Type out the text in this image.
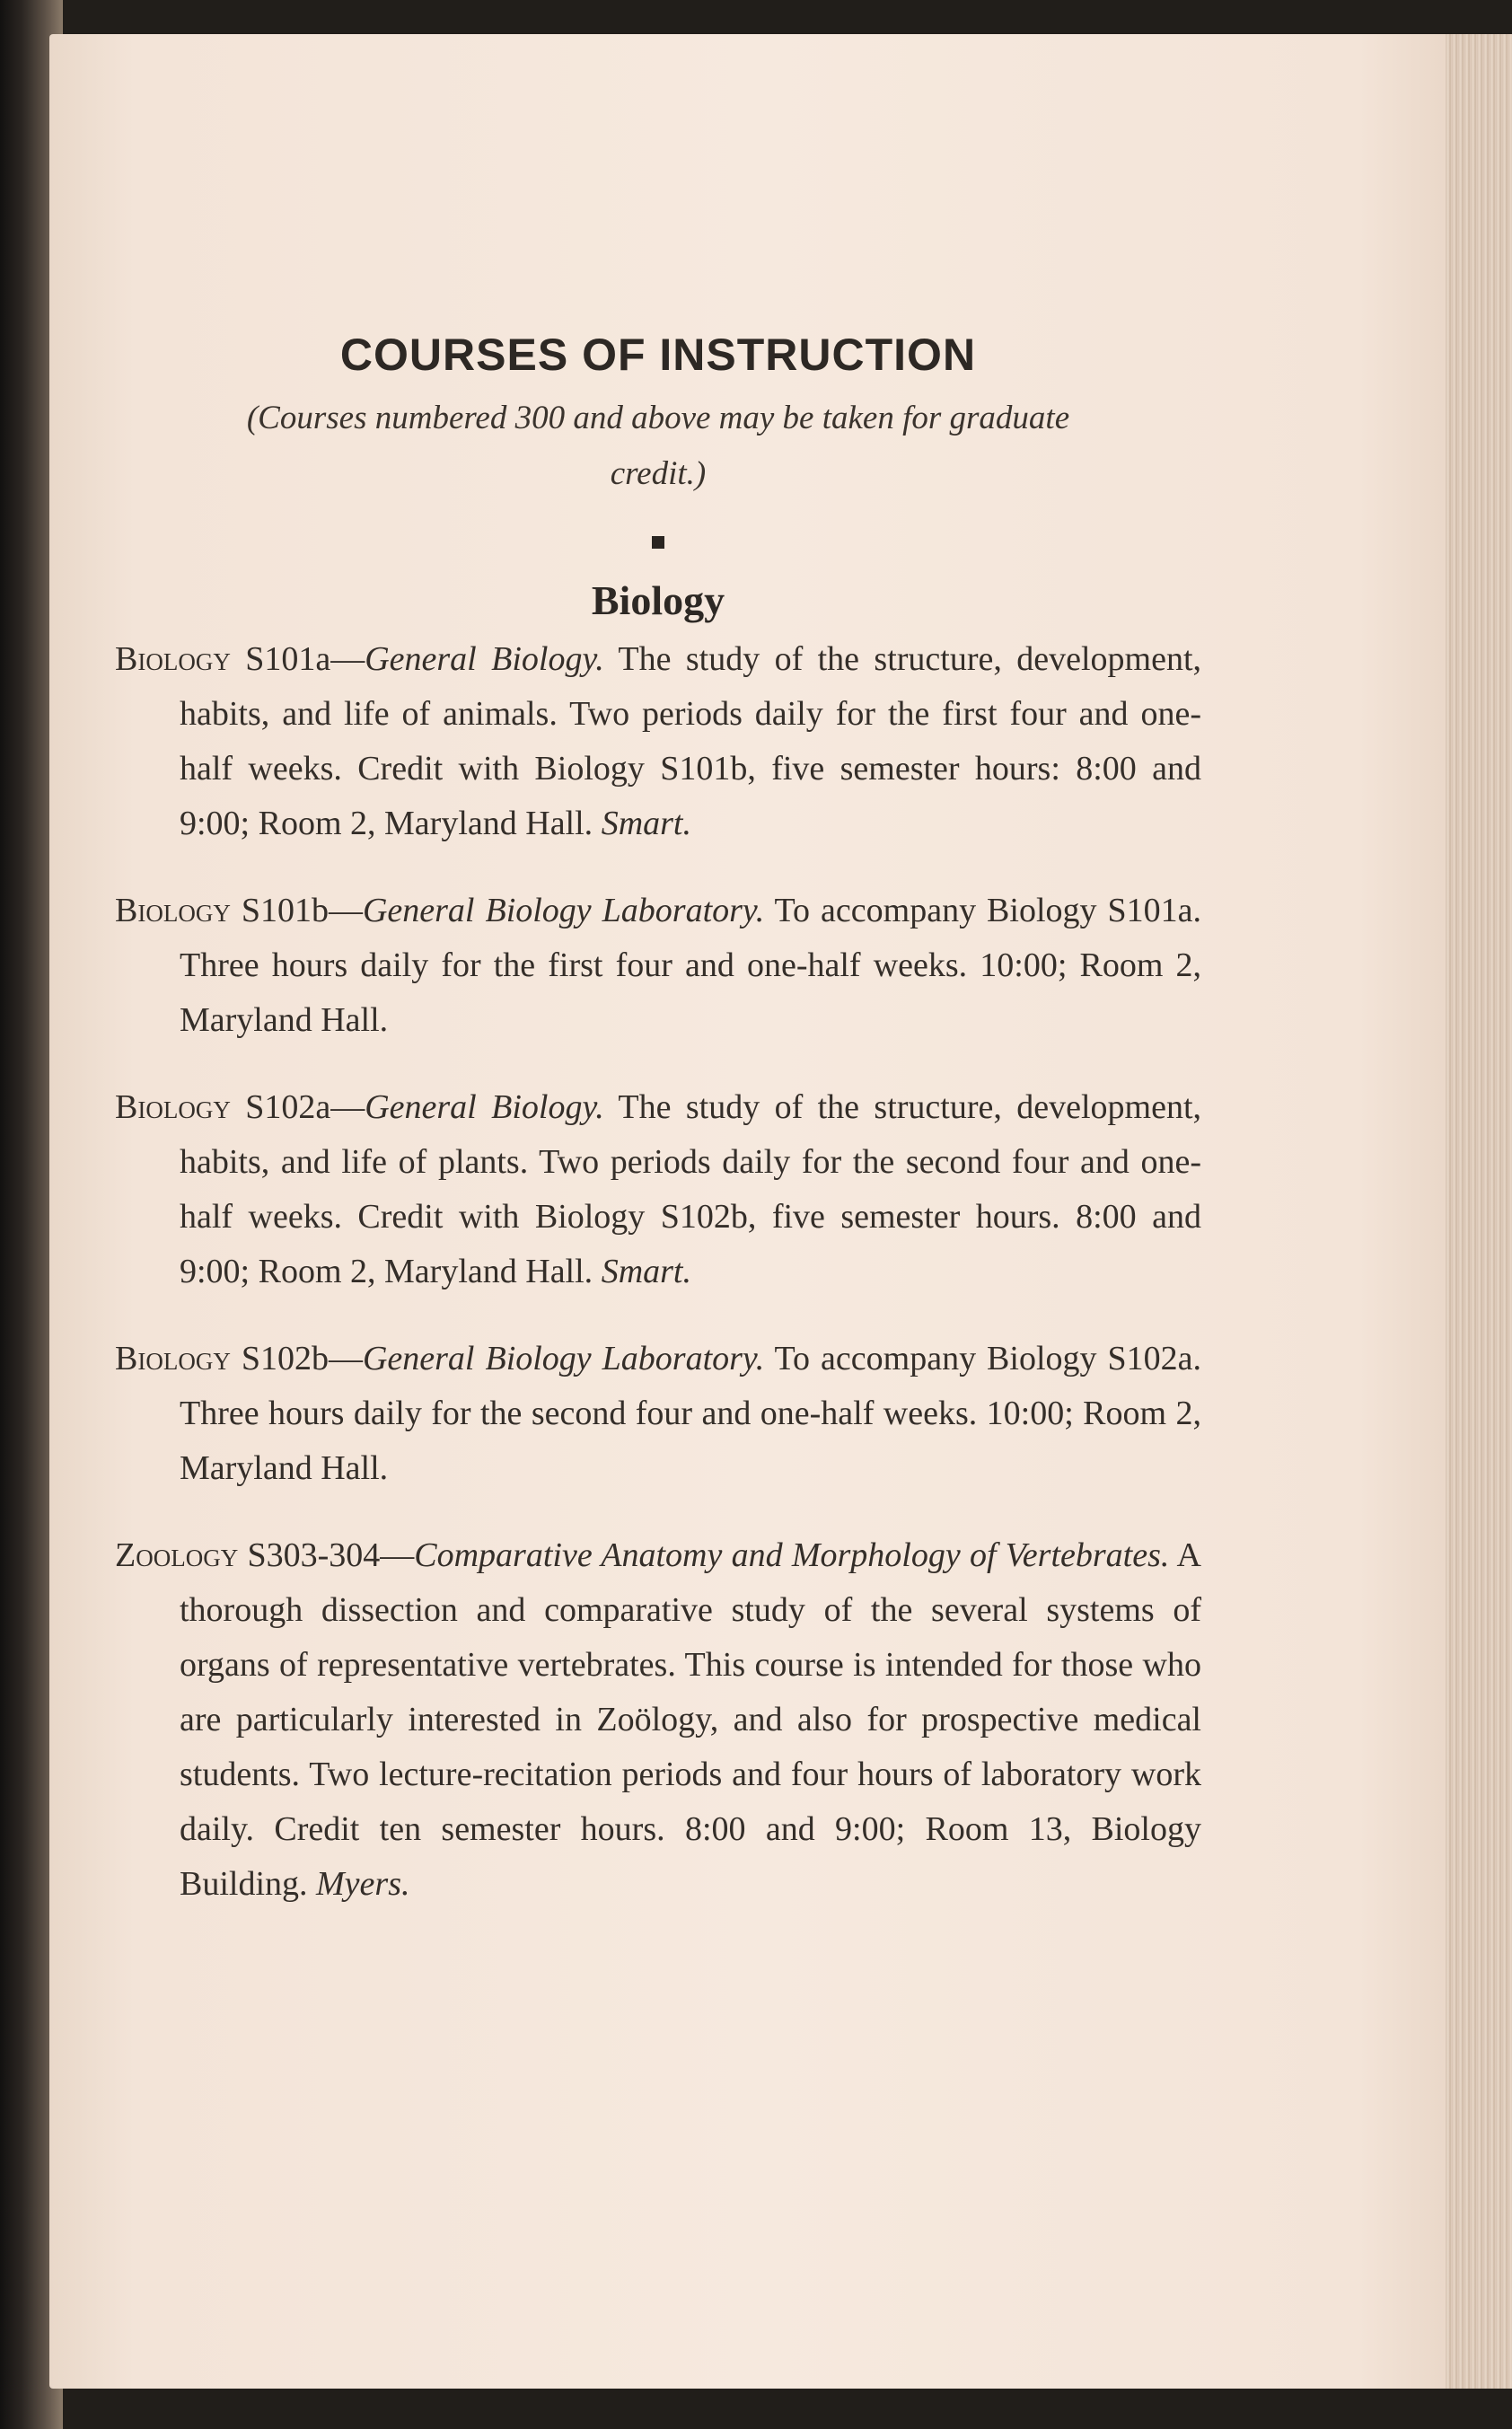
COURSES OF INSTRUCTION

(Courses numbered 300 and above may be taken for graduate credit.)

Biology

Biology S101a—General Biology. The study of the structure, development, habits, and life of animals. Two periods daily for the first four and one-half weeks. Credit with Biology S101b, five semester hours: 8:00 and 9:00; Room 2, Maryland Hall. Smart.

Biology S101b—General Biology Laboratory. To accompany Biology S101a. Three hours daily for the first four and one-half weeks. 10:00; Room 2, Maryland Hall.

Biology S102a—General Biology. The study of the structure, development, habits, and life of plants. Two periods daily for the second four and one-half weeks. Credit with Biology S102b, five semester hours. 8:00 and 9:00; Room 2, Maryland Hall. Smart.

Biology S102b—General Biology Laboratory. To accompany Biology S102a. Three hours daily for the second four and one-half weeks. 10:00; Room 2, Maryland Hall.

Zoology S303-304—Comparative Anatomy and Morphology of Vertebrates. A thorough dissection and comparative study of the several systems of organs of representative vertebrates. This course is intended for those who are particularly interested in Zoölogy, and also for prospective medical students. Two lecture-recitation periods and four hours of laboratory work daily. Credit ten semester hours. 8:00 and 9:00; Room 13, Biology Building. Myers.
